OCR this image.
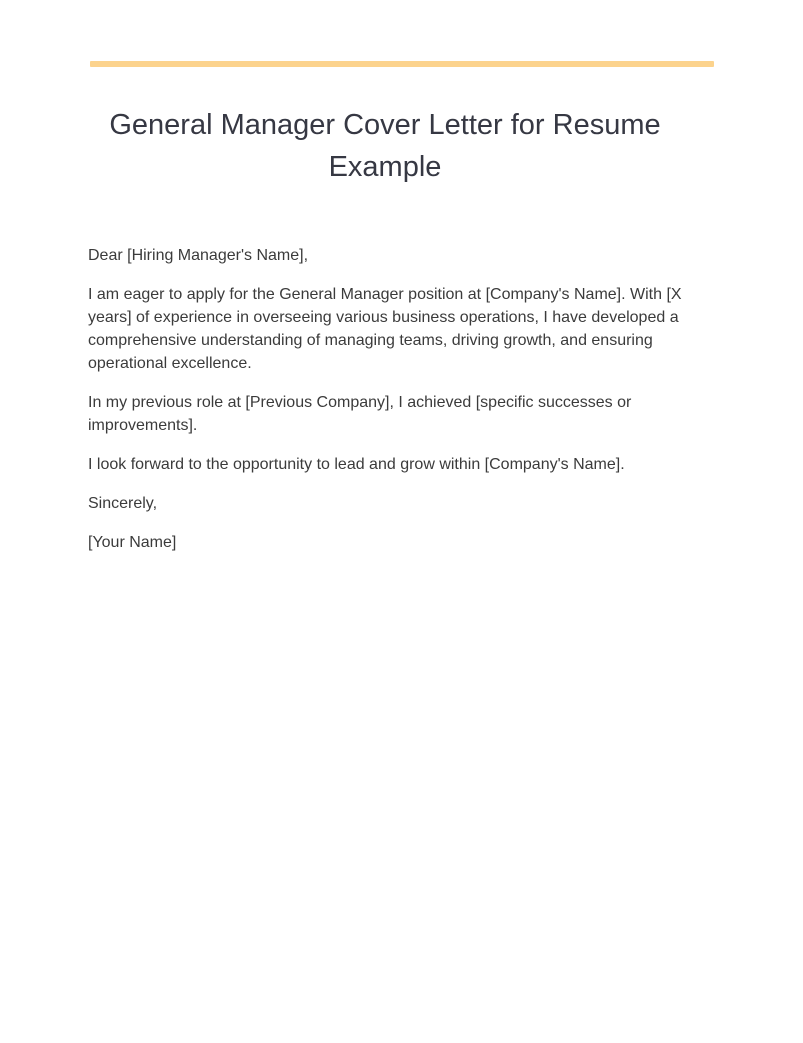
General Manager Cover Letter for Resume Example

Dear [Hiring Manager's Name],

I am eager to apply for the General Manager position at [Company's Name]. With [X years] of experience in overseeing various business operations, I have developed a comprehensive understanding of managing teams, driving growth, and ensuring operational excellence.

In my previous role at [Previous Company], I achieved [specific successes or improvements].

I look forward to the opportunity to lead and grow within [Company's Name].

Sincerely,

[Your Name]
